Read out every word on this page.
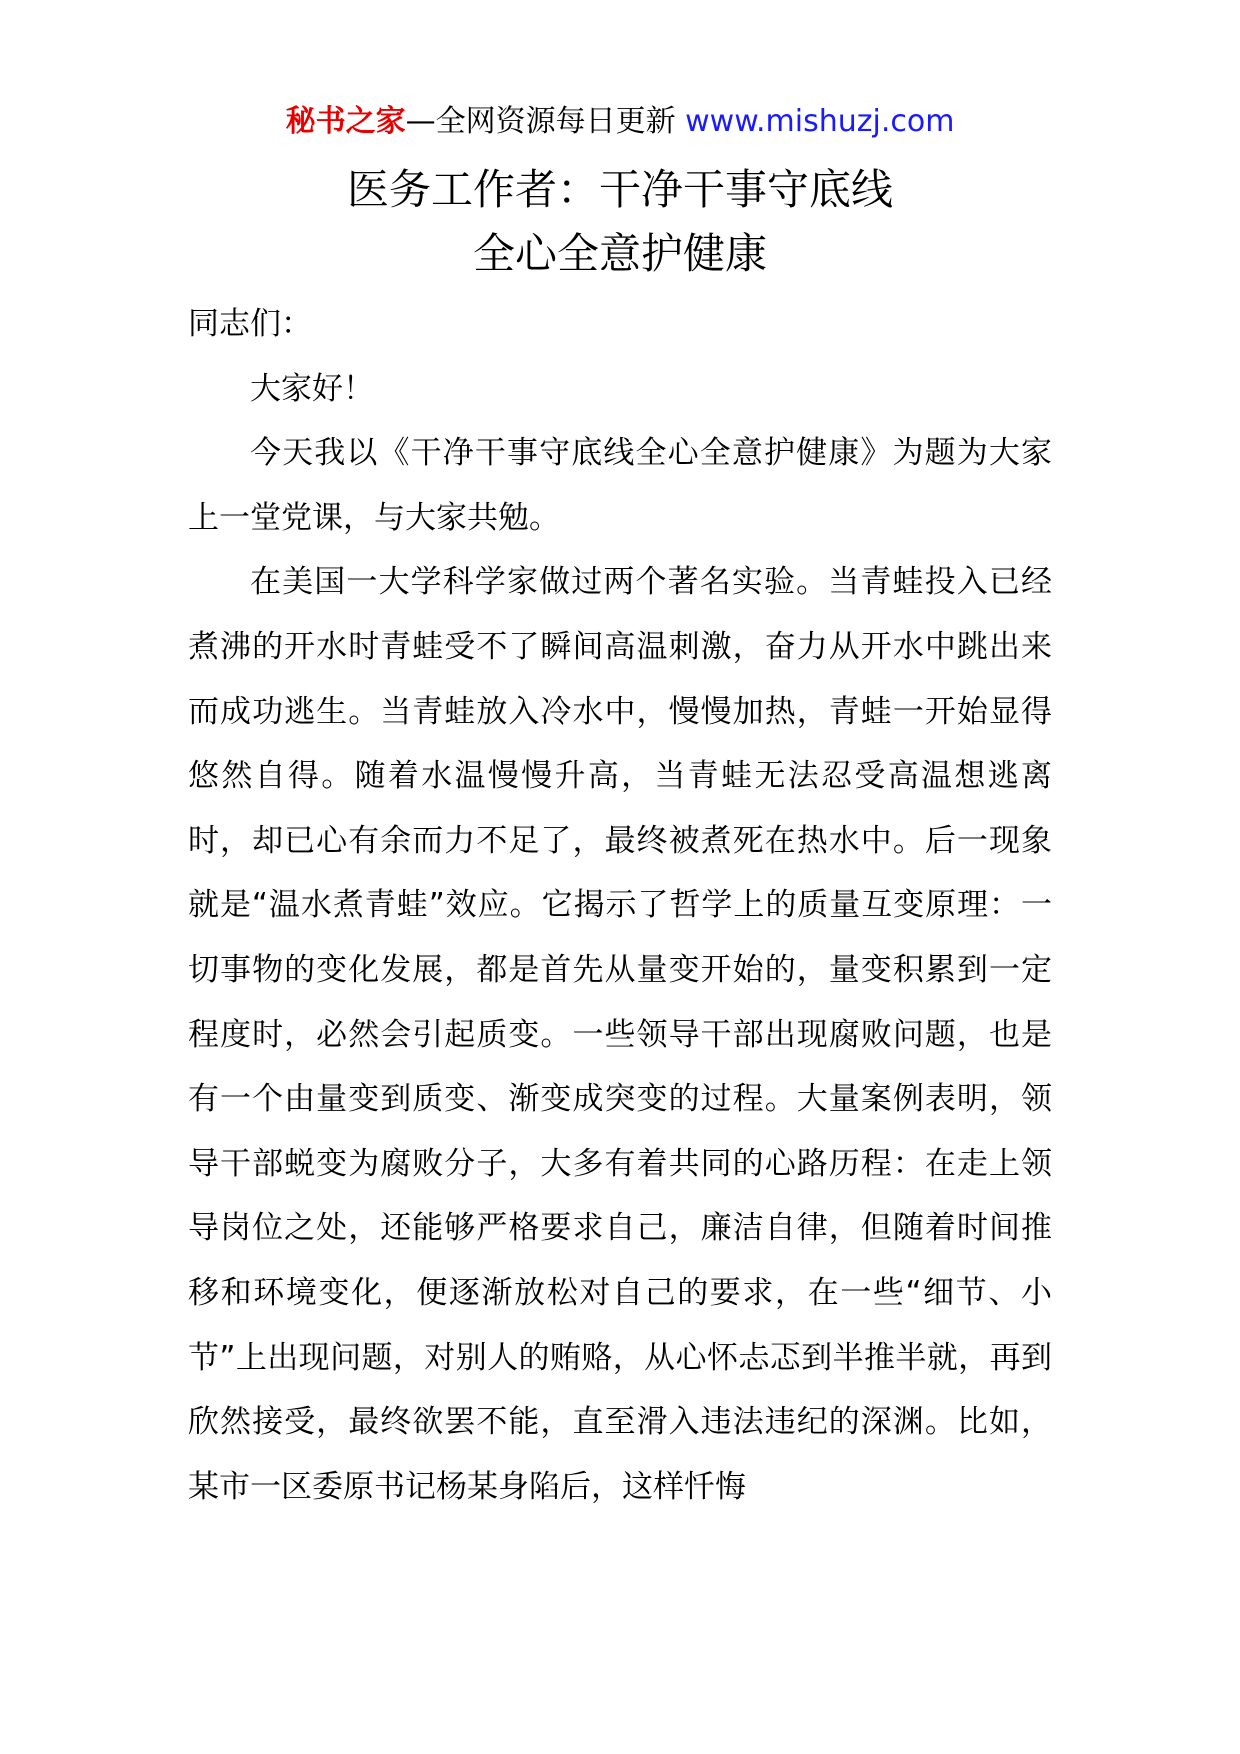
秘书之家—全网资源每日更新 www.mishuzj.com
医务工作者：干净干事守底线
全心全意护健康

同志们：

大家好！

今天我以《干净干事守底线全心全意护健康》为题为大家上一堂党课，与大家共勉。

在美国一大学科学家做过两个著名实验。当青蛙投入已经煮沸的开水时青蛙受不了瞬间高温刺激，奋力从开水中跳出来而成功逃生。当青蛙放入冷水中，慢慢加热，青蛙一开始显得悠然自得。随着水温慢慢升高，当青蛙无法忍受高温想逃离时，却已心有余而力不足了，最终被煮死在热水中。后一现象就是“温水煮青蛙”效应。它揭示了哲学上的质量互变原理：一切事物的变化发展，都是首先从量变开始的，量变积累到一定程度时，必然会引起质变。一些领导干部出现腐败问题，也是有一个由量变到质变、渐变成突变的过程。大量案例表明，领导干部蜕变为腐败分子，大多有着共同的心路历程：在走上领导岗位之处，还能够严格要求自己，廉洁自律，但随着时间推移和环境变化，便逐渐放松对自己的要求，在一些“细节、小节”上出现问题，对别人的贿赂，从心怀忐忑到半推半就，再到欣然接受，最终欲罢不能，直至滑入违法违纪的深渊。比如，某市一区委原书记杨某身陷后，这样忏悔
